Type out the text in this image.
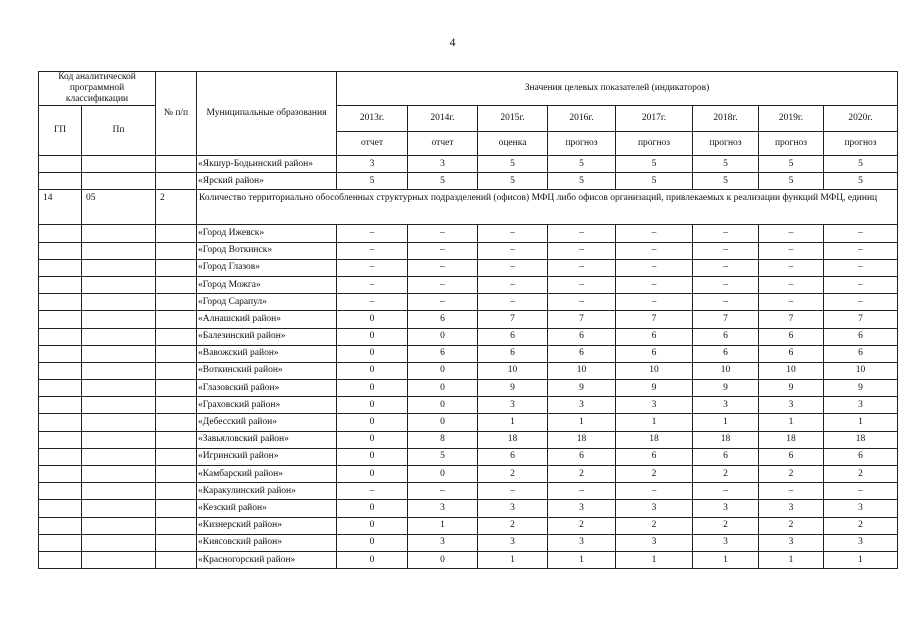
4
Код аналитической программной классификации		№ п/п	Муниципальные образования	Значения целевых показателей (индикаторов)							
ГП	Пп			2013г.	2014г.	2015г.	2016г.	2017г.	2018г.	2019г.	2020г.
				отчет	отчет	оценка	прогноз	прогноз	прогноз	прогноз	прогноз
			«Якшур-Бодьинский район»	3	3	5	5	5	5	5	5
			«Ярский район»	5	5	5	5	5	5	5	5
14	05	2	Количество территориально обособленных структурных подразделений (офисов) МФЦ либо офисов организаций, привлекаемых к реализации функций МФЦ, единиц								
			«Город Ижевск»	–	–	–	–	–	–	–	–
			«Город Воткинск»	–	–	–	–	–	–	–	–
			«Город Глазов»	–	–	–	–	–	–	–	–
			«Город Можга»	–	–	–	–	–	–	–	–
			«Город Сарапул»	–	–	–	–	–	–	–	–
			«Алнашский район»	0	6	7	7	7	7	7	7
			«Балезинский район»	0	0	6	6	6	6	6	6
			«Вавожский район»	0	6	6	6	6	6	6	6
			«Воткинский район»	0	0	10	10	10	10	10	10
			«Глазовский район»	0	0	9	9	9	9	9	9
			«Граховский район»	0	0	3	3	3	3	3	3
			«Дебесский район»	0	0	1	1	1	1	1	1
			«Завьяловский район»	0	8	18	18	18	18	18	18
			«Игринский район»	0	5	6	6	6	6	6	6
			«Камбарский район»	0	0	2	2	2	2	2	2
			«Каракулинский район»	–	–	–	–	–	–	–	–
			«Кезский район»	0	3	3	3	3	3	3	3
			«Кизнерский район»	0	1	2	2	2	2	2	2
			«Киясовский район»	0	3	3	3	3	3	3	3
			«Красногорский район»	0	0	1	1	1	1	1	1
